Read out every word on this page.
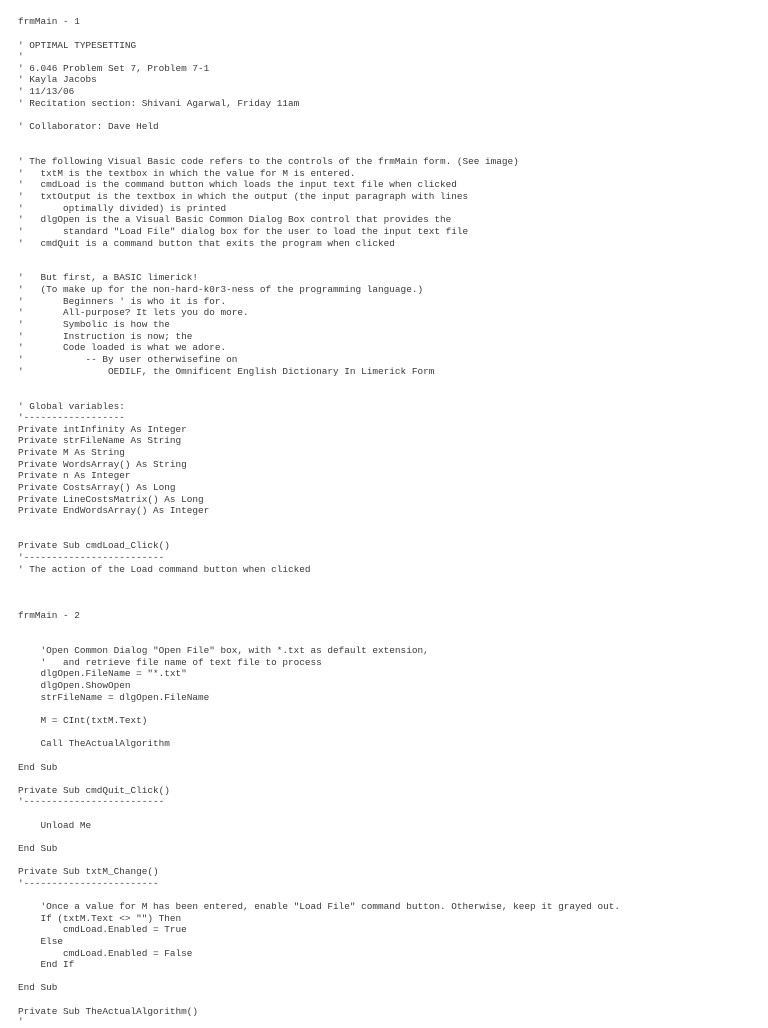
frmMain - 1
' OPTIMAL TYPESETTING
'
' 6.046 Problem Set 7, Problem 7-1
' Kayla Jacobs
' 11/13/06
' Recitation section: Shivani Agarwal, Friday 11am
' Collaborator: Dave Held
' The following Visual Basic code refers to the controls of the frmMain form. (See image)
'   txtM is the textbox in which the value for M is entered.
'   cmdLoad is the command button which loads the input text file when clicked
'   txtOutput is the textbox in which the output (the input paragraph with lines
'       optimally divided) is printed
'   dlgOpen is the a Visual Basic Common Dialog Box control that provides the
'       standard "Load File" dialog box for the user to load the input text file
'   cmdQuit is a command button that exits the program when clicked
'   But first, a BASIC limerick!
'   (To make up for the non-hard-k0r3-ness of the programming language.)
'       Beginners ' is who it is for.
'       All-purpose? It lets you do more.
'       Symbolic is how the
'       Instruction is now; the
'       Code loaded is what we adore.
'           -- By user otherwisefine on
'               OEDILF, the Omnificent English Dictionary In Limerick Form
' Global variables:
'------------------
Private intInfinity As Integer
Private strFileName As String
Private M As String
Private WordsArray() As String
Private n As Integer
Private CostsArray() As Long
Private LineCostsMatrix() As Long
Private EndWordsArray() As Integer
Private Sub cmdLoad_Click()
'-------------------------
' The action of the Load command button when clicked
frmMain - 2
'Open Common Dialog "Open File" box, with *.txt as default extension,
'   and retrieve file name of text file to process
dlgOpen.FileName = "*.txt"
dlgOpen.ShowOpen
strFileName = dlgOpen.FileName
M = CInt(txtM.Text)
Call TheActualAlgorithm
End Sub
Private Sub cmdQuit_Click()
'-------------------------
Unload Me
End Sub
Private Sub txtM_Change()
'------------------------
'Once a value for M has been entered, enable "Load File" command button. Otherwise, keep it grayed out.
If (txtM.Text <> "") Then
cmdLoad.Enabled = True
Else
cmdLoad.Enabled = False
End If
End Sub
Private Sub TheActualAlgorithm()
'
